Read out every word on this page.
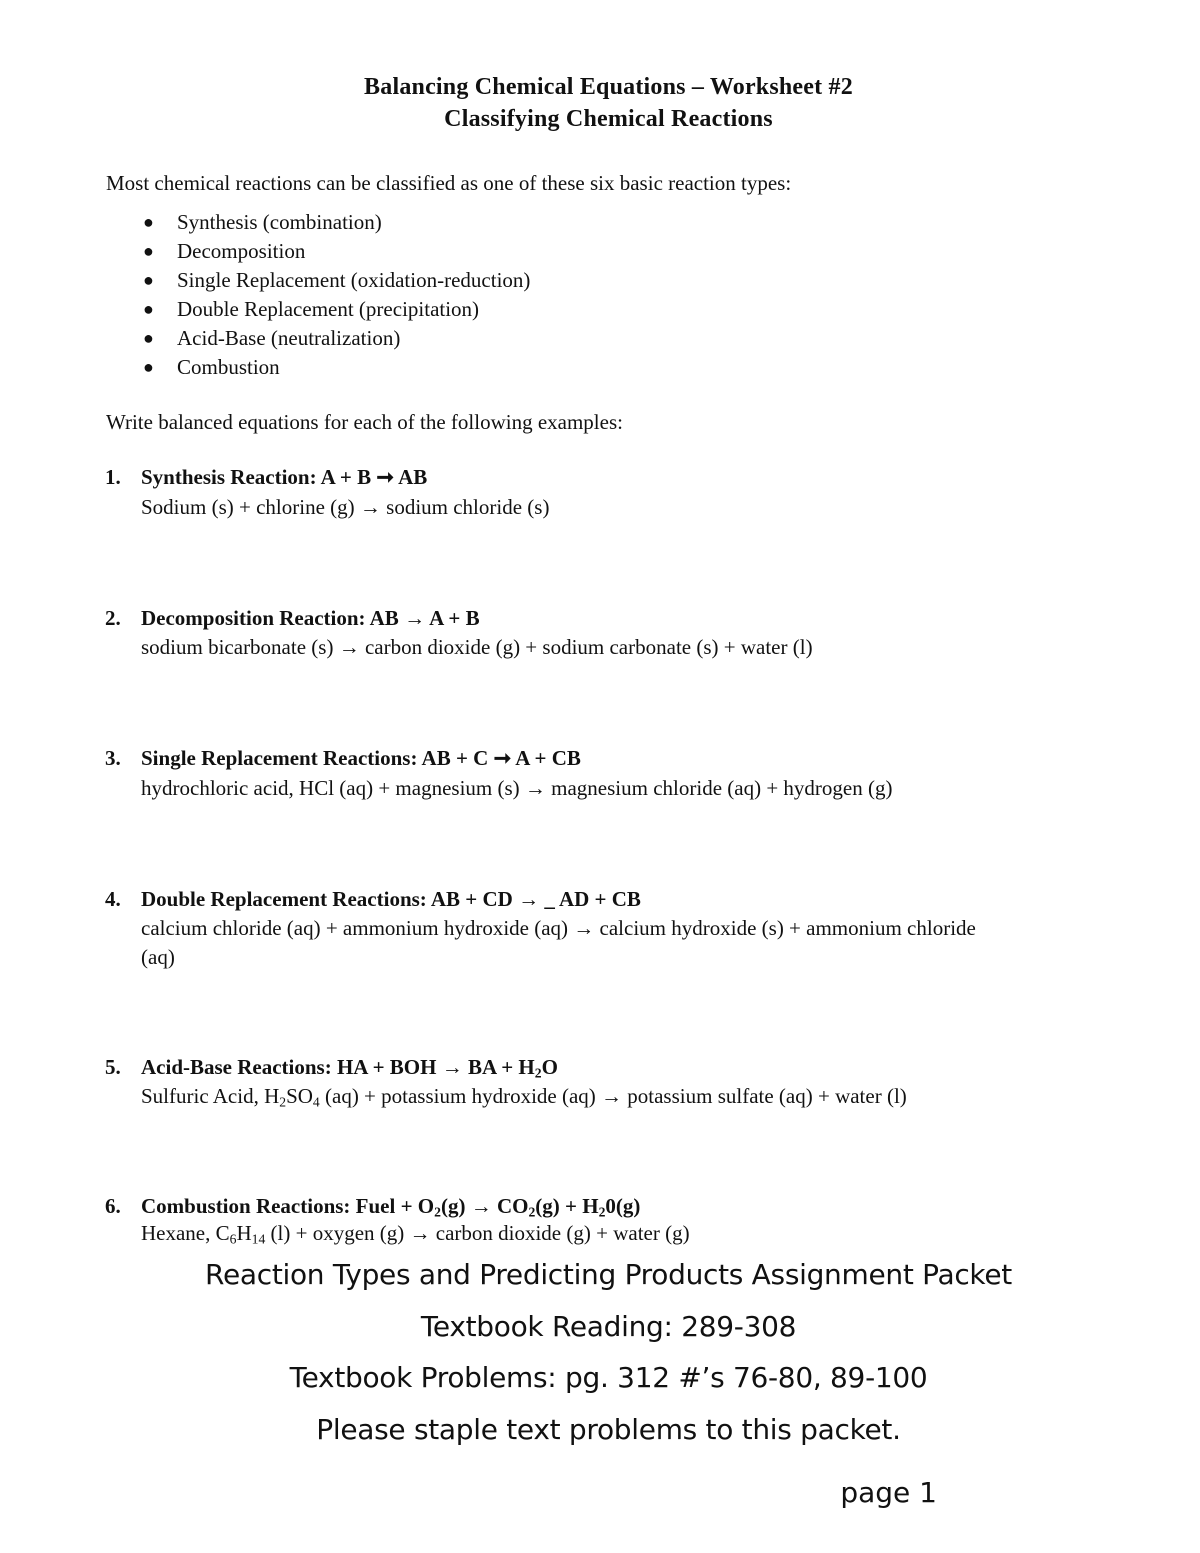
Balancing Chemical Equations – Worksheet #2
Classifying Chemical Reactions
Most chemical reactions can be classified as one of these six basic reaction types:
● Synthesis (combination)
● Decomposition
● Single Replacement (oxidation-reduction)
● Double Replacement (precipitation)
● Acid-Base (neutralization)
● Combustion
Write balanced equations for each of the following examples:
1. Synthesis Reaction: A + B ➞ AB
Sodium (s) + chlorine (g) → sodium chloride (s)
2. Decomposition Reaction: AB → A + B
sodium bicarbonate (s) → carbon dioxide (g) + sodium carbonate (s) + water (l)
3. Single Replacement Reactions: AB + C ➞ A + CB
hydrochloric acid, HCl (aq) + magnesium (s) → magnesium chloride (aq) + hydrogen (g)
4. Double Replacement Reactions: AB + CD → _ AD + CB
calcium chloride (aq) + ammonium hydroxide (aq) → calcium hydroxide (s) + ammonium chloride
(aq)
5. Acid-Base Reactions: HA + BOH → BA + $H_2O$
Sulfuric Acid, $H_2SO_4$ (aq) + potassium hydroxide (aq) → potassium sulfate (aq) + water (l)
6. Combustion Reactions: Fuel + $O_2(g) \to CO_2(g) + H_20(g)$
Hexane, $C_6H_{14}$ (l) + oxygen (g) → carbon dioxide (g) + water (g)
Reaction Types and Predicting Products Assignment Packet
Textbook Reading: 289-308
Textbook Problems: pg. 312 #’s 76-80, 89-100
Please staple text problems to this packet.
page 1
